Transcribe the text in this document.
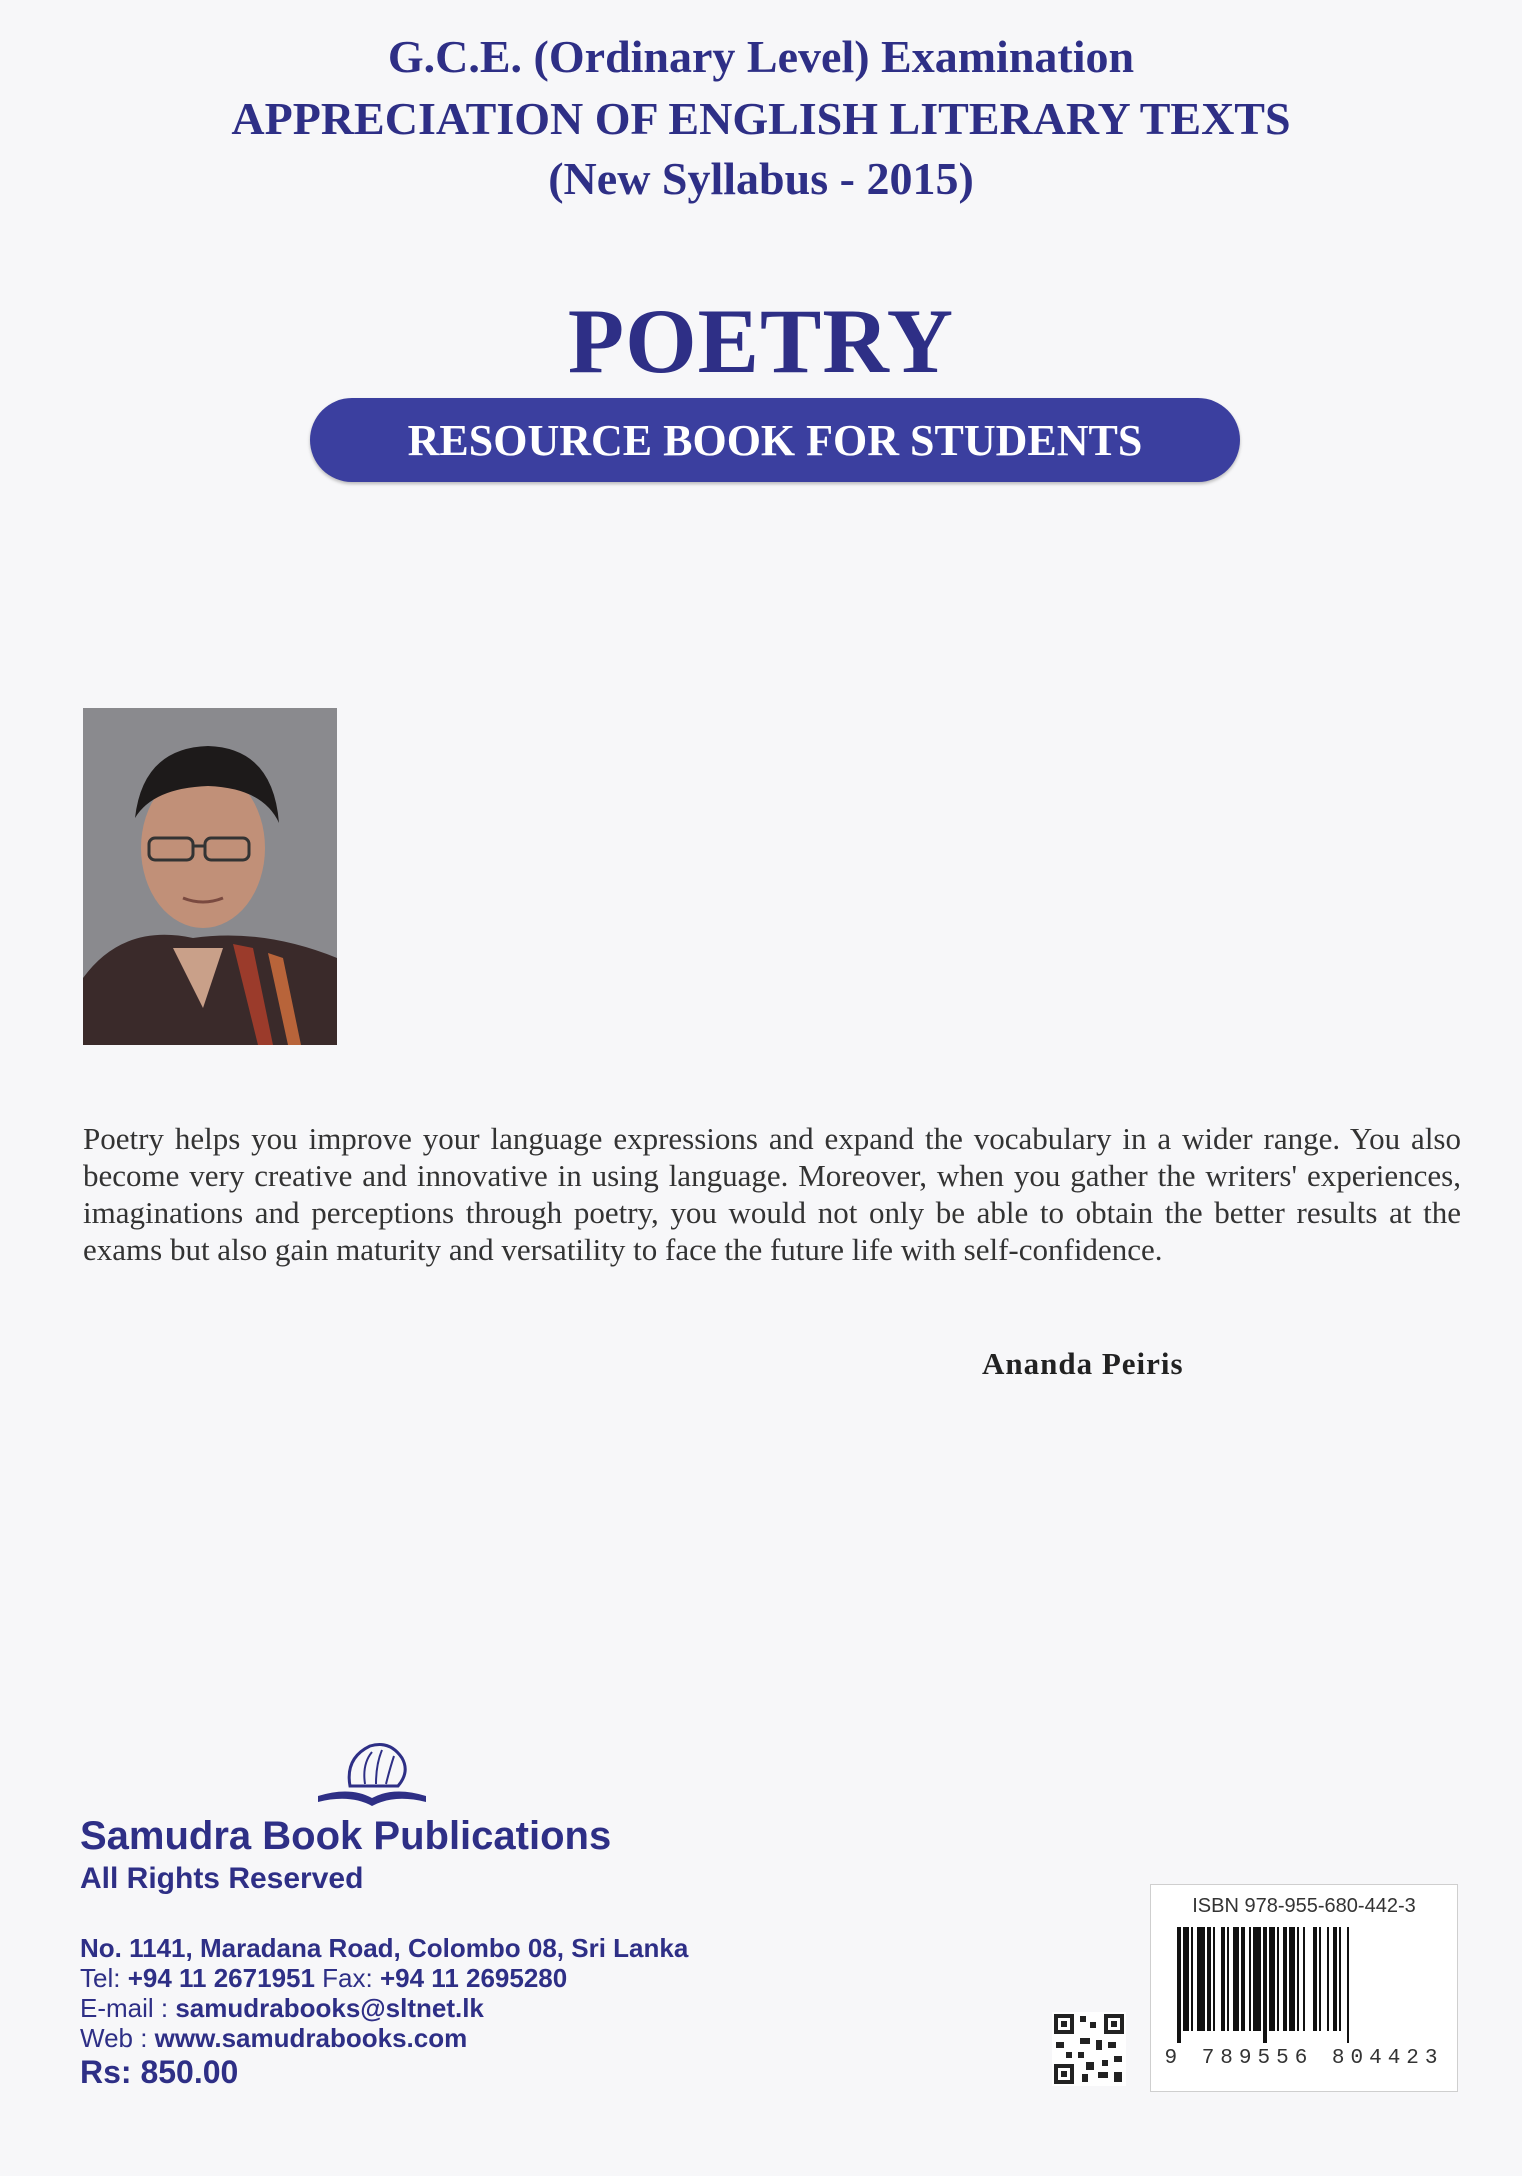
G.C.E. (Ordinary Level) Examination
APPRECIATION OF ENGLISH LITERARY TEXTS
(New Syllabus - 2015)
POETRY
RESOURCE BOOK FOR STUDENTS
Poetry helps you improve your language expressions and expand the vocabulary in a wider range. You also become very creative and innovative in using language. Moreover, when you gather the writers' experiences, imaginations and perceptions through poetry, you would not only be able to obtain the better results at the exams but also gain maturity and versatility to face the future life with self-confidence.
Ananda Peiris
Samudra Book Publications
All Rights Reserved
No. 1141, Maradana Road, Colombo 08, Sri Lanka
Tel: +94 11 2671951 Fax: +94 11 2695280
E-mail : samudrabooks@sltnet.lk
Web : www.samudrabooks.com
Rs: 850.00
ISBN 978-955-680-442-3
9 789556 804423
